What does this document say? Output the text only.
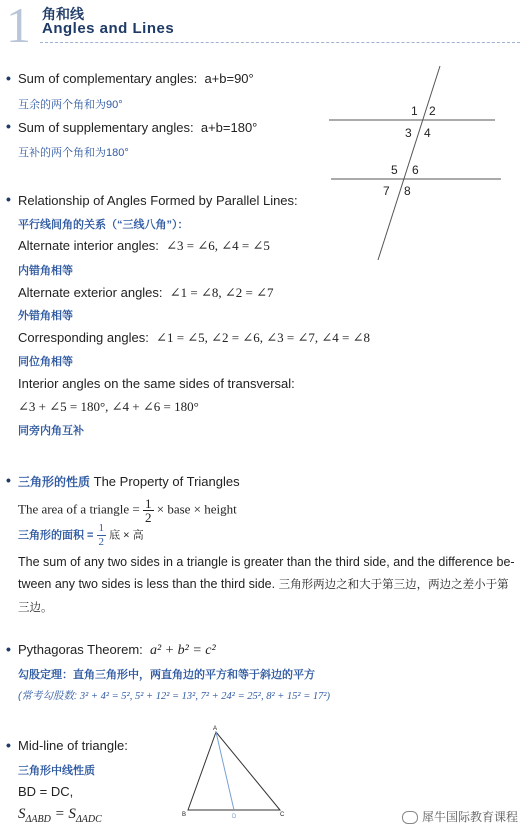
1 角和线
Angles and Lines
• Sum of complementary angles: a+b=90°
互余的两个角和为90°
• Sum of supplementary angles: a+b=180°
互补的两个角和为180°
1 2
3 4
5 6
7 8
• Relationship of Angles Formed by Parallel Lines:
平行线间角的关系（“三线八角”）：
Alternate interior angles: ∠3 = ∠6, ∠4 = ∠5
内错角相等
Alternate exterior angles: ∠1 = ∠8, ∠2 = ∠7
外错角相等
Corresponding angles: ∠1 = ∠5, ∠2 = ∠6, ∠3 = ∠7, ∠4 = ∠8
同位角相等
Interior angles on the same sides of transversal:
∠3 + ∠5 = 180°, ∠4 + ∠6 = 180°
同旁内角互补
• 三角形的性质 The Property of Triangles
The area of a triangle = $\frac{1}{2}$ × base × height
三角形的面积 = $\frac{1}{2}$ 底 × 高
The sum of any two sides in a triangle is greater than the third side, and the difference be-tween any two sides is less than the third side. 三角形两边之和大于第三边，两边之差小于第三边。
• Pythagoras Theorem: a² + b² = c²
勾股定理：直角三角形中，两直角边的平方和等于斜边的平方
(常考勾股数: 3² + 4² = 5², 5² + 12² = 13², 7² + 24² = 25², 8² + 15² = 17²)
• Mid-line of triangle:
三角形中线性质
BD = DC,
$S_{\Delta ABD} = S_{\Delta ADC}$
A
B	D	C	犀牛国际教育课程
